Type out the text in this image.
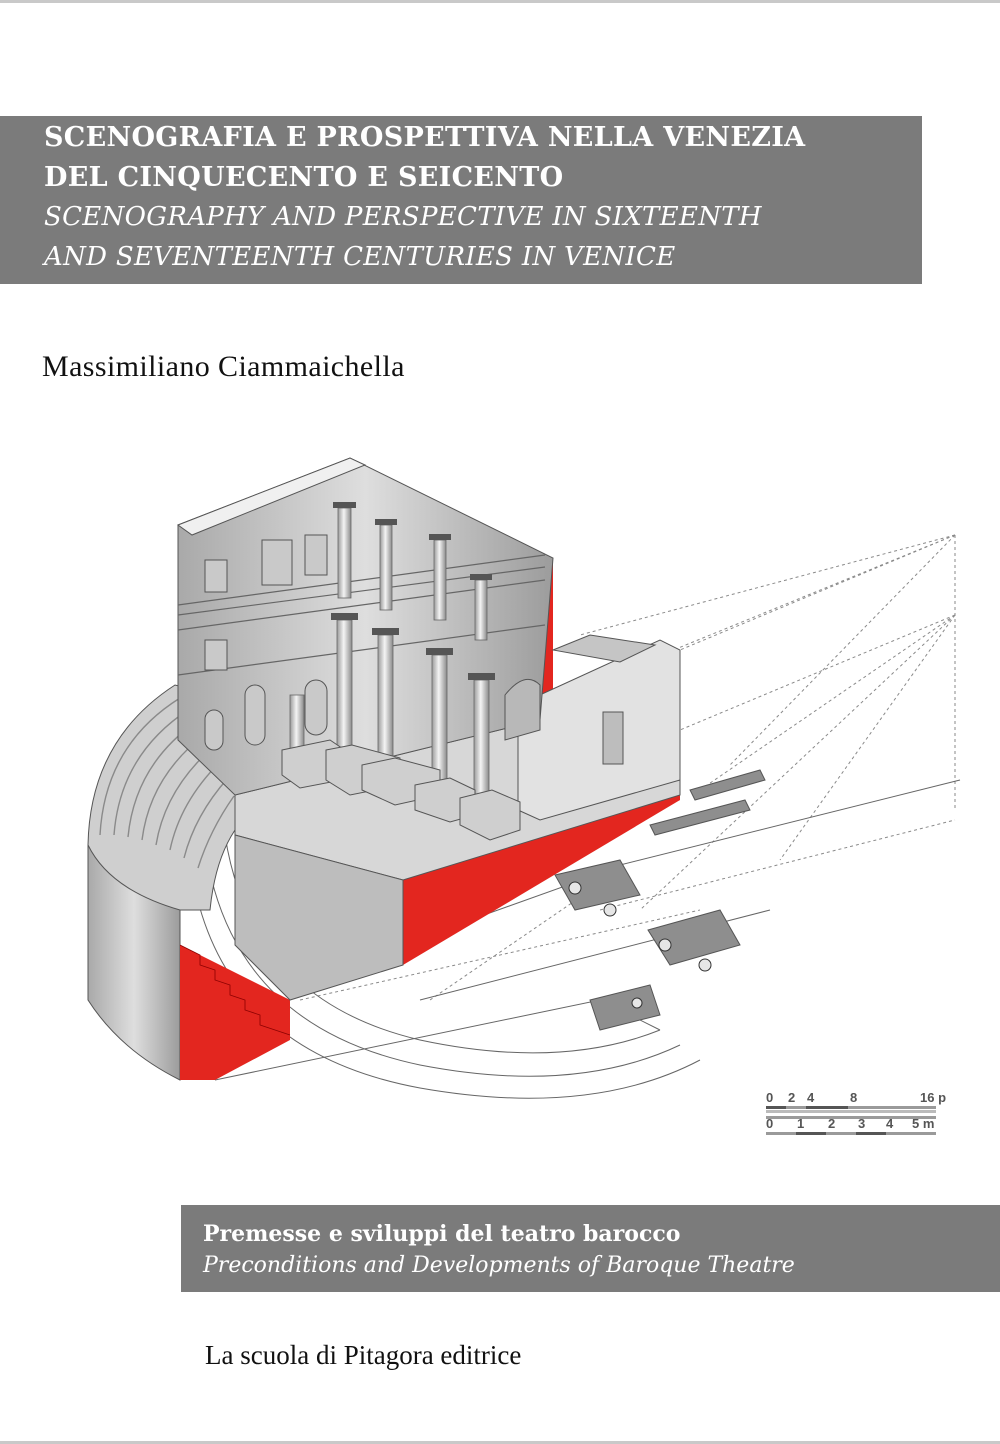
SCENOGRAFIA E PROSPETTIVA NELLA VENEZIA
DEL CINQUECENTO E SEICENTO
SCENOGRAPHY AND PERSPECTIVE IN SIXTEENTH
AND SEVENTEENTH CENTURIES IN VENICE
Massimiliano Ciammaichella
0 2 4	8	16 p
0 1 2 3 4 5 m
Premesse e sviluppi del teatro barocco
Preconditions and Developments of Baroque Theatre
La scuola di Pitagora editrice
